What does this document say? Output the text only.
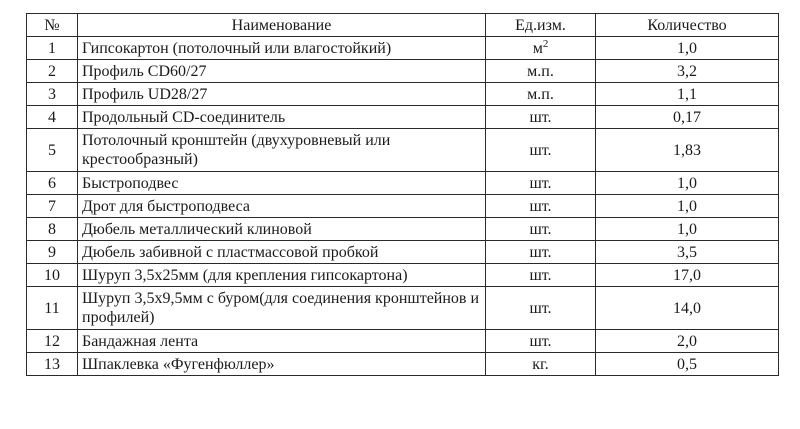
№	Наименование	Ед.изм.	Количество
1	Гипсокартон (потолочный или влагостойкий)	$м^2$	1,0
2	Профиль CD60/27	м.п.	3,2
3	Профиль UD28/27	м.п.	1,1
4	Продольный CD-соединитель	шт.	0,17
5	Потолочный кронштейн (двухуровневый или крестообразный)	шт.	1,83
6	Быстроподвес	шт.	1,0
7	Дрот для быстроподвеса	шт.	1,0
8	Дюбель металлический клиновой	шт.	1,0
9	Дюбель забивной с пластмассовой пробкой	шт.	3,5
10	Шуруп 3,5х25мм (для крепления гипсокартона)	шт.	17,0
11	Шуруп 3,5х9,5мм с буром(для соединения кронштейнов и профилей)	шт.	14,0
12	Бандажная лента	шт.	2,0
13	Шпаклевка «Фугенфюллер»	кг.	0,5
